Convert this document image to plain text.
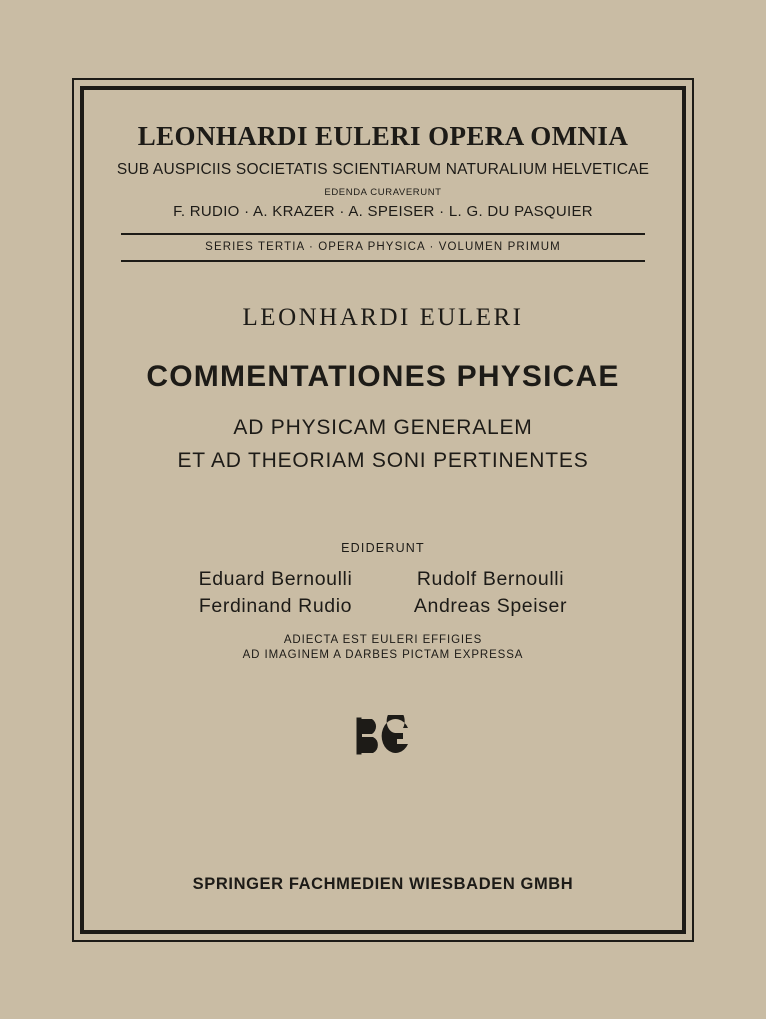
LEONHARDI EULERI OPERA OMNIA
SUB AUSPICIIS SOCIETATIS SCIENTIARUM NATURALIUM HELVETICAE
EDENDA CURAVERUNT
F. RUDIO · A. KRAZER · A. SPEISER · L. G. DU PASQUIER
SERIES TERTIA · OPERA PHYSICA · VOLUMEN PRIMUM
LEONHARDI EULERI
COMMENTATIONES PHYSICAE
AD PHYSICAM GENERALEM
ET AD THEORIAM SONI PERTINENTES
EDIDERUNT
Eduard Bernoulli	Rudolf Bernoulli
Ferdinand Rudio	Andreas Speiser
ADIECTA EST EULERI EFFIGIES
AD IMAGINEM A DARBES PICTAM EXPRESSA
SPRINGER FACHMEDIEN WIESBADEN GMBH
